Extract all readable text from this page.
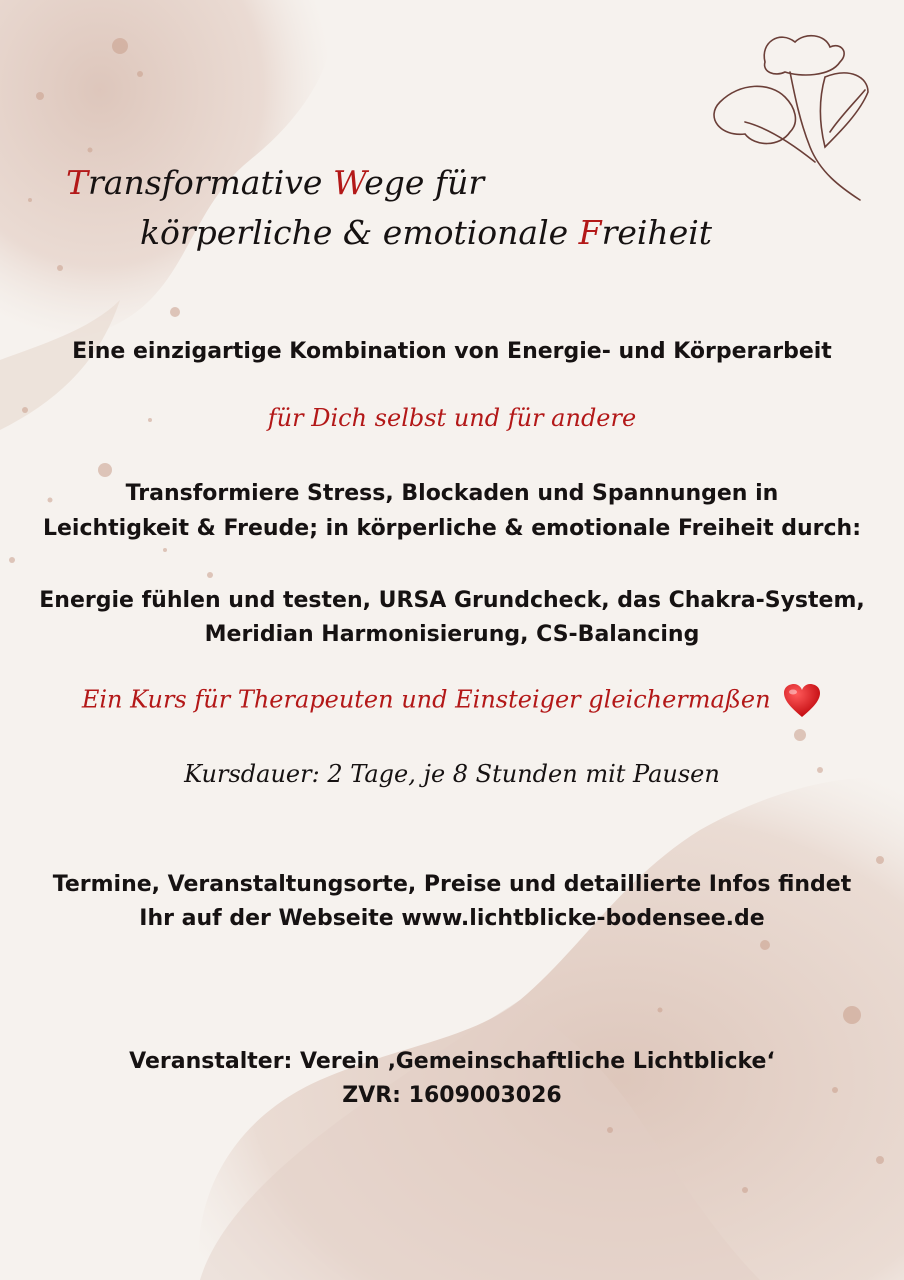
Transformative Wege für
körperliche & emotionale Freiheit
Eine einzigartige Kombination von Energie- und Körperarbeit
für Dich selbst und für andere
Transformiere Stress, Blockaden und Spannungen in
Leichtigkeit & Freude; in körperliche & emotionale Freiheit durch:
Energie fühlen und testen, URSA Grundcheck, das Chakra-System,
Meridian Harmonisierung, CS-Balancing
Ein Kurs für Therapeuten und Einsteiger gleichermaßen
Kursdauer: 2 Tage, je 8 Stunden mit Pausen
Termine, Veranstaltungsorte, Preise und detaillierte Infos findet
Ihr auf der Webseite www.lichtblicke-bodensee.de
Veranstalter: Verein ‚Gemeinschaftliche Lichtblicke‘
ZVR: 1609003026
